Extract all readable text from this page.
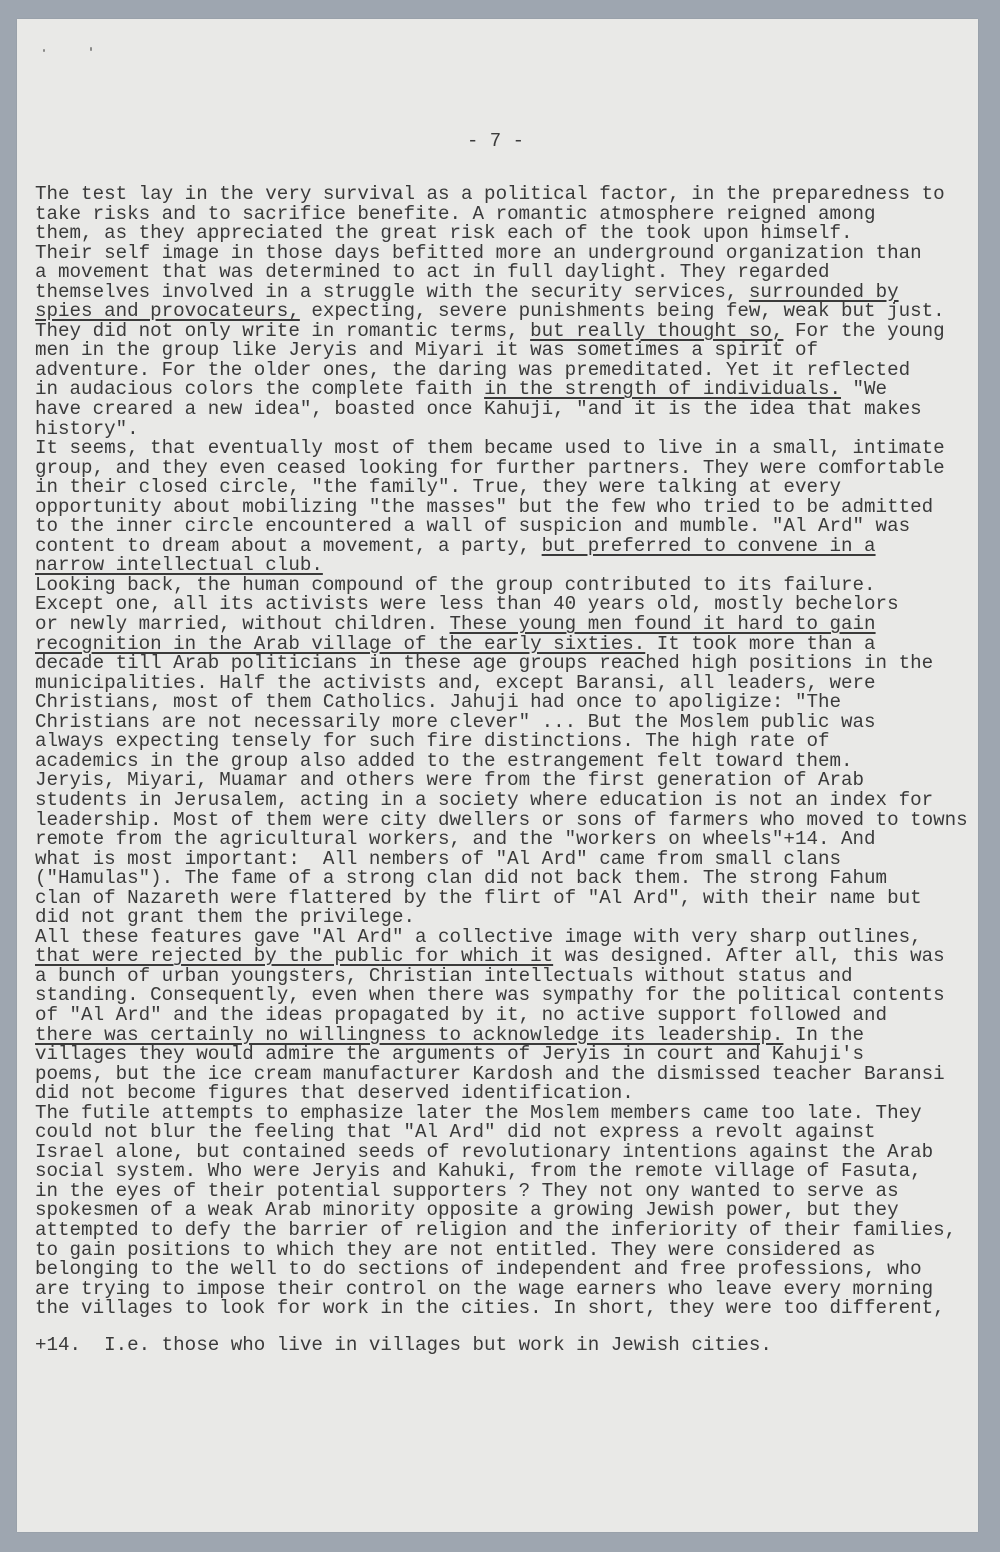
- 7 -
The test lay in the very survival as a political factor, in the preparedness to
take risks and to sacrifice benefite. A romantic atmosphere reigned among
them, as they appreciated the great risk each of the took upon himself.
Their self image in those days befitted more an underground organization than
a movement that was determined to act in full daylight. They regarded
themselves involved in a struggle with the security services, surrounded by
spies and provocateurs, expecting, severe punishments being few, weak but just.
They did not only write in romantic terms, but really thought so, For the young
men in the group like Jeryis and Miyari it was sometimes a spirit of
adventure. For the older ones, the daring was premeditated. Yet it reflected
in audacious colors the complete faith in the strength of individuals. "We
have creared a new idea", boasted once Kahuji, "and it is the idea that makes
history".
It seems, that eventually most of them became used to live in a small, intimate
group, and they even ceased looking for further partners. They were comfortable
in their closed circle, "the family". True, they were talking at every
opportunity about mobilizing "the masses" but the few who tried to be admitted
to the inner circle encountered a wall of suspicion and mumble. "Al Ard" was
content to dream about a movement, a party, but preferred to convene in a
narrow intellectual club.
Looking back, the human compound of the group contributed to its failure.
Except one, all its activists were less than 40 years old, mostly bechelors
or newly married, without children. These young men found it hard to gain
recognition in the Arab village of the early sixties. It took more than a
decade till Arab politicians in these age groups reached high positions in the
municipalities. Half the activists and, except Baransi, all leaders, were
Christians, most of them Catholics. Jahuji had once to apoligize: "The
Christians are not necessarily more clever" ... But the Moslem public was
always expecting tensely for such fire distinctions. The high rate of
academics in the group also added to the estrangement felt toward them.
Jeryis, Miyari, Muamar and others were from the first generation of Arab
students in Jerusalem, acting in a society where education is not an index for
leadership. Most of them were city dwellers or sons of farmers who moved to towns
remote from the agricultural workers, and the "workers on wheels"+14. And
what is most important:  All nembers of "Al Ard" came from small clans
("Hamulas"). The fame of a strong clan did not back them. The strong Fahum
clan of Nazareth were flattered by the flirt of "Al Ard", with their name but
did not grant them the privilege.
All these features gave "Al Ard" a collective image with very sharp outlines,
that were rejected by the public for which it was designed. After all, this was
a bunch of urban youngsters, Christian intellectuals without status and
standing. Consequently, even when there was sympathy for the political contents
of "Al Ard" and the ideas propagated by it, no active support followed and
there was certainly no willingness to acknowledge its leadership. In the
villages they would admire the arguments of Jeryis in court and Kahuji's
poems, but the ice cream manufacturer Kardosh and the dismissed teacher Baransi
did not become figures that deserved identification.
The futile attempts to emphasize later the Moslem members came too late. They
could not blur the feeling that "Al Ard" did not express a revolt against
Israel alone, but contained seeds of revolutionary intentions against the Arab
social system. Who were Jeryis and Kahuki, from the remote village of Fasuta,
in the eyes of their potential supporters ? They not ony wanted to serve as
spokesmen of a weak Arab minority opposite a growing Jewish power, but they
attempted to defy the barrier of religion and the inferiority of their families,
to gain positions to which they are not entitled. They were considered as
belonging to the well to do sections of independent and free professions, who
are trying to impose their control on the wage earners who leave every morning
the villages to look for work in the cities. In short, they were too different,
+14.  I.e. those who live in villages but work in Jewish cities.
